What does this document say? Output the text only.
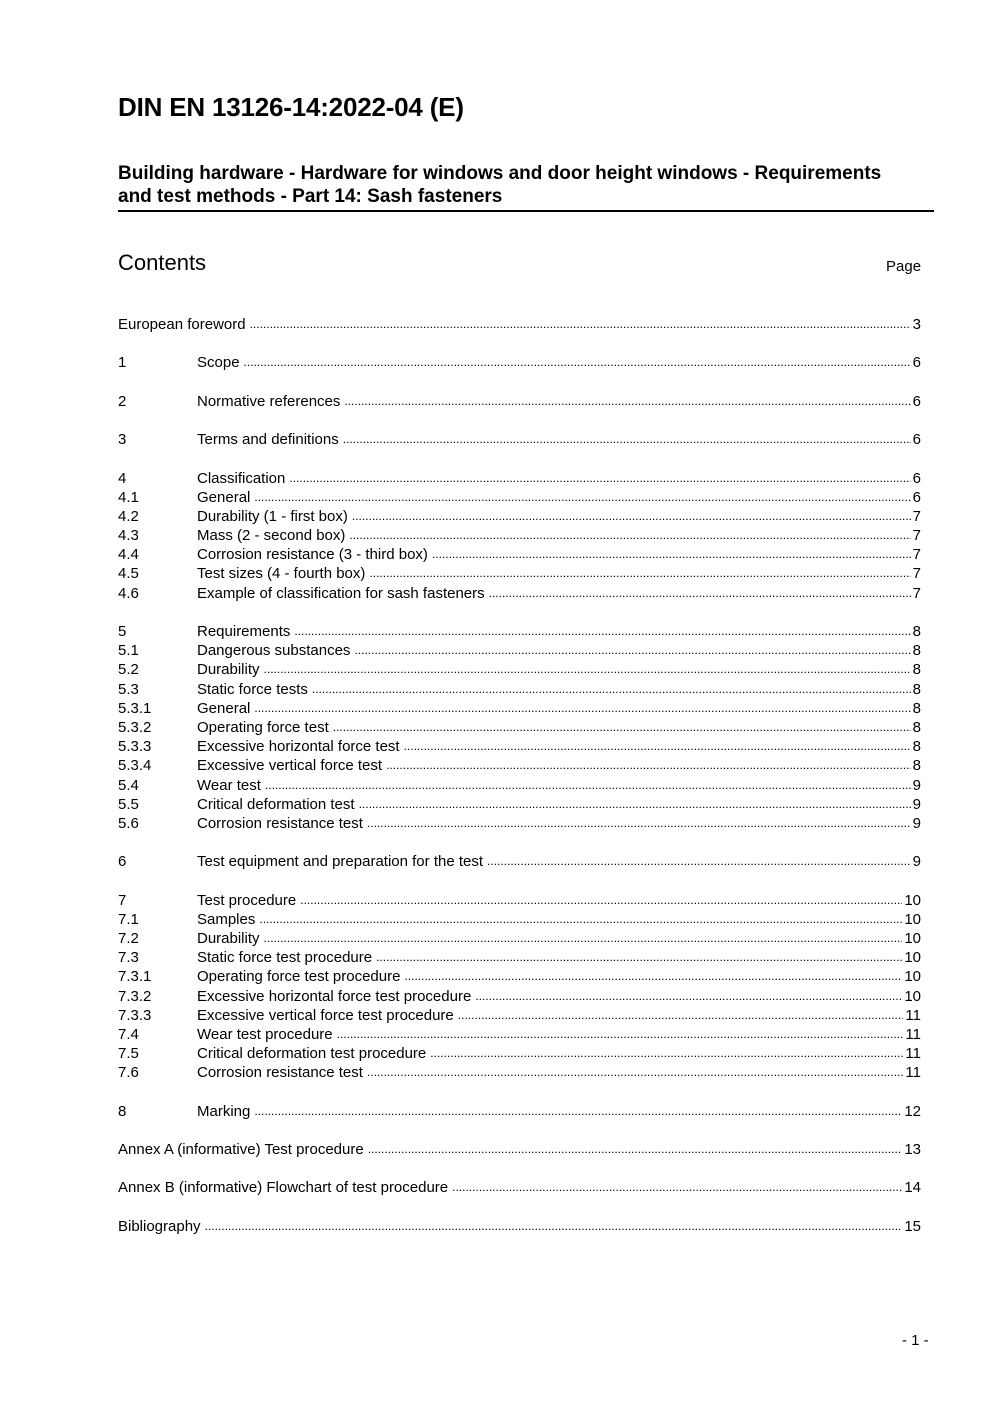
DIN EN 13126-14:2022-04 (E)
Building hardware - Hardware for windows and door height windows - Requirements
and test methods - Part 14: Sash fasteners
Contents	Page
European foreword .....	3
1	Scope .....	6
2	Normative references .....	6
3	Terms and definitions .....	6
4	Classification .....	6
4.1	General .....	6
4.2	Durability (1 - first box) .....	7
4.3	Mass (2 - second box) .....	7
4.4	Corrosion resistance (3 - third box) .....	7
4.5	Test sizes (4 - fourth box) .....	7
4.6	Example of classification for sash fasteners .....	7
5	Requirements .....	8
5.1	Dangerous substances .....	8
5.2	Durability .....	8
5.3	Static force tests .....	8
5.3.1	General .....	8
5.3.2	Operating force test .....	8
5.3.3	Excessive horizontal force test .....	8
5.3.4	Excessive vertical force test .....	8
5.4	Wear test .....	9
5.5	Critical deformation test .....	9
5.6	Corrosion resistance test .....	9
6	Test equipment and preparation for the test .....	9
7	Test procedure .....	10
7.1	Samples .....	10
7.2	Durability .....	10
7.3	Static force test procedure .....	10
7.3.1	Operating force test procedure .....	10
7.3.2	Excessive horizontal force test procedure .....	10
7.3.3	Excessive vertical force test procedure .....	11
7.4	Wear test procedure .....	11
7.5	Critical deformation test procedure .....	11
7.6	Corrosion resistance test .....	11
8	Marking .....	12
Annex A (informative) Test procedure .....	13
Annex B (informative) Flowchart of test procedure .....	14
Bibliography .....	15
- 1 -
